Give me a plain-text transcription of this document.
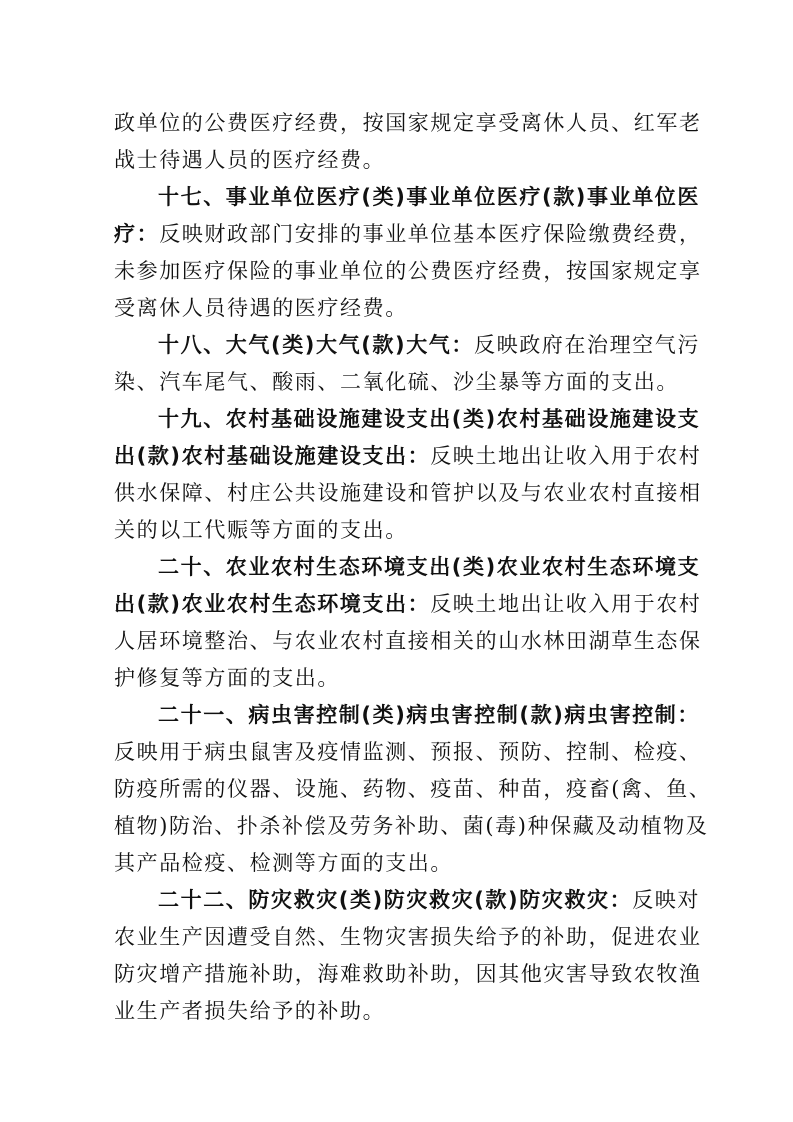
政单位的公费医疗经费，按国家规定享受离休人员、红军老
战士待遇人员的医疗经费。
十七、事业单位医疗(类)事业单位医疗(款)事业单位医
疗：反映财政部门安排的事业单位基本医疗保险缴费经费，
未参加医疗保险的事业单位的公费医疗经费，按国家规定享
受离休人员待遇的医疗经费。
十八、大气(类)大气(款)大气：反映政府在治理空气污
染、汽车尾气、酸雨、二氧化硫、沙尘暴等方面的支出。
十九、农村基础设施建设支出(类)农村基础设施建设支
出(款)农村基础设施建设支出：反映土地出让收入用于农村
供水保障、村庄公共设施建设和管护以及与农业农村直接相
关的以工代赈等方面的支出。
二十、农业农村生态环境支出(类)农业农村生态环境支
出(款)农业农村生态环境支出：反映土地出让收入用于农村
人居环境整治、与农业农村直接相关的山水林田湖草生态保
护修复等方面的支出。
二十一、病虫害控制(类)病虫害控制(款)病虫害控制：
反映用于病虫鼠害及疫情监测、预报、预防、控制、检疫、
防疫所需的仪器、设施、药物、疫苗、种苗，疫畜(禽、鱼、
植物)防治、扑杀补偿及劳务补助、菌(毒)种保藏及动植物及
其产品检疫、检测等方面的支出。
二十二、防灾救灾(类)防灾救灾(款)防灾救灾：反映对
农业生产因遭受自然、生物灾害损失给予的补助，促进农业
防灾增产措施补助，海难救助补助，因其他灾害导致农牧渔
业生产者损失给予的补助。
